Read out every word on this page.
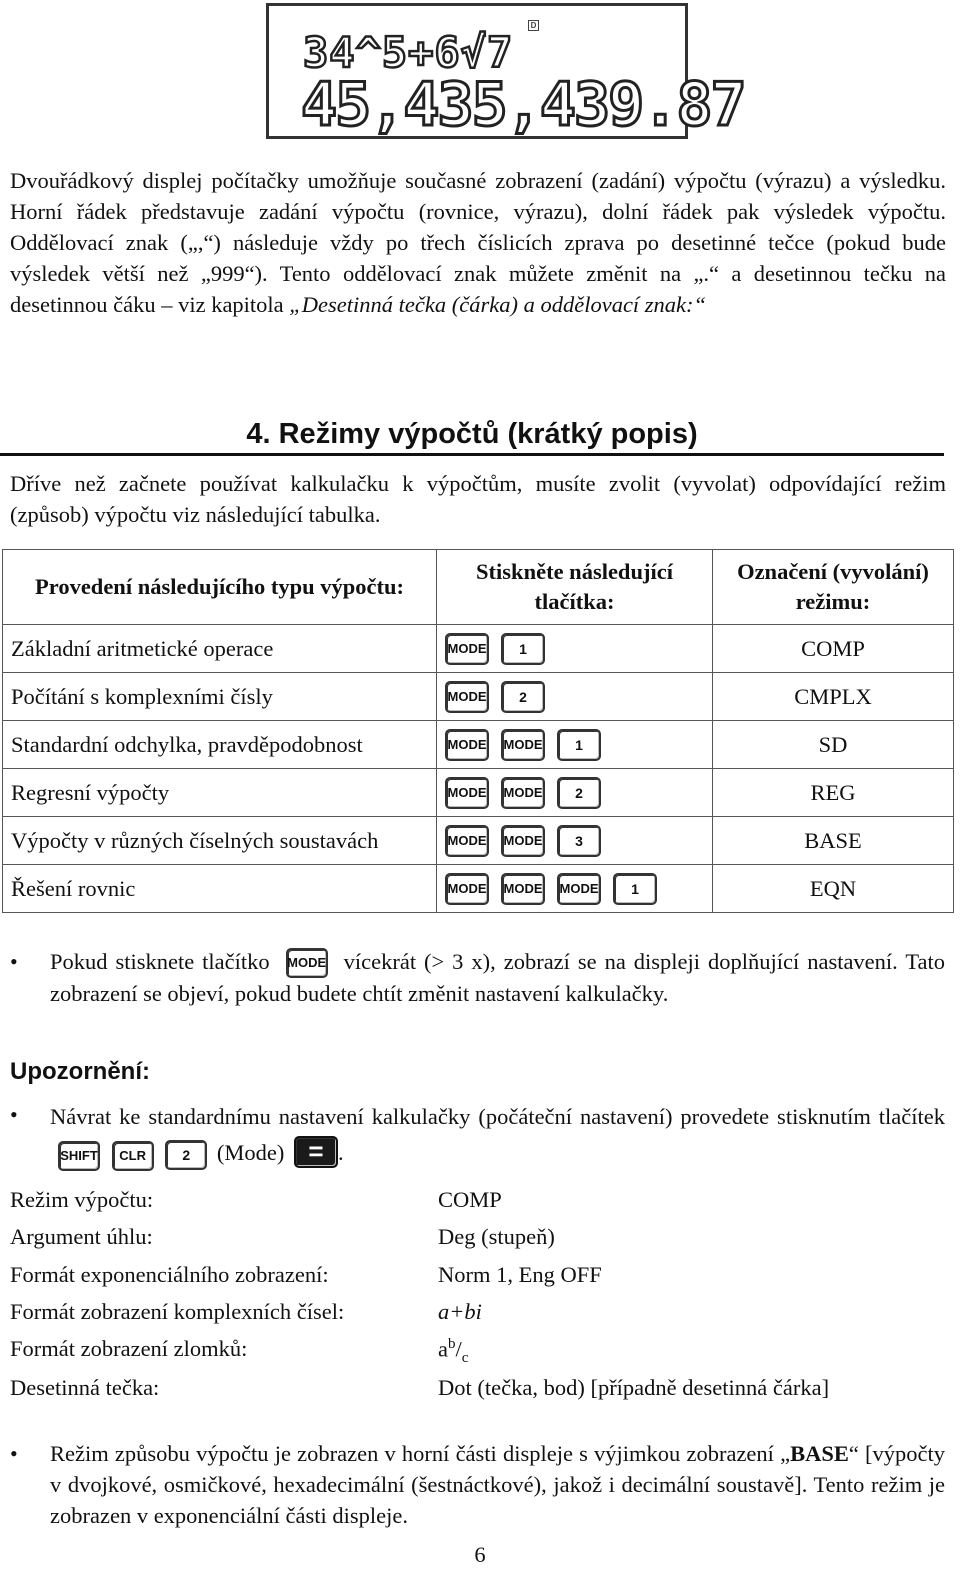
D
34^5+6√7
45,435,439.87
Dvouřádkový displej počítačky umožňuje současné zobrazení (zadání) výpočtu (výrazu) a výsledku. Horní řádek představuje zadání výpočtu (rovnice, výrazu), dolní řádek pak výsledek výpočtu. Oddělovací znak („,“) následuje vždy po třech číslicích zprava po desetinné tečce (pokud bude výsledek větší než „999“). Tento oddělovací znak můžete změnit na „.“ a desetinnou tečku na desetinnou čáku – viz kapitola „Desetinná tečka (čárka) a oddělovací znak:“
4. Režimy výpočtů (krátký popis)
Dříve než začnete používat kalkulačku k výpočtům, musíte zvolit (vyvolat) odpovídající režim (způsob) výpočtu viz následující tabulka.
Provedení následujícího typu výpočtu:	Stiskněte následující tlačítka:	Označení (vyvolání) režimu:
Základní aritmetické operace	MODE 1	COMP
Počítání s komplexními čísly	MODE 2	CMPLX
Standardní odchylka, pravděpodobnost	MODE MODE 1	SD
Regresní výpočty	MODE MODE 2	REG
Výpočty v různých číselných soustavách	MODE MODE 3	BASE
Řešení rovnic	MODE MODE MODE 1	EQN
• Pokud stisknete tlačítko MODE vícekrát (> 3 x), zobrazí se na displeji doplňující nastavení. Tato zobrazení se objeví, pokud budete chtít změnit nastavení kalkulačky.
Upozornění:
• Návrat ke standardnímu nastavení kalkulačky (počáteční nastavení) provedete stisknutím tlačítek SHIFT CLR	2 (Mode) = .
Režim výpočtu:	COMP
Argument úhlu:	Deg (stupeň)
Formát exponenciálního zobrazení:	Norm 1, Eng OFF
Formát zobrazení komplexních čísel:	a+bi
Formát zobrazení zlomků:	$a^b/_c$
Desetinná tečka:	Dot (tečka, bod) [případně desetinná čárka]
• Režim způsobu výpočtu je zobrazen v horní části displeje s výjimkou zobrazení „BASE“ [výpočty v dvojkové, osmičkové, hexadecimální (šestnáctkové), jakož i decimální soustavě]. Tento režim je zobrazen v exponenciální části displeje.
6
